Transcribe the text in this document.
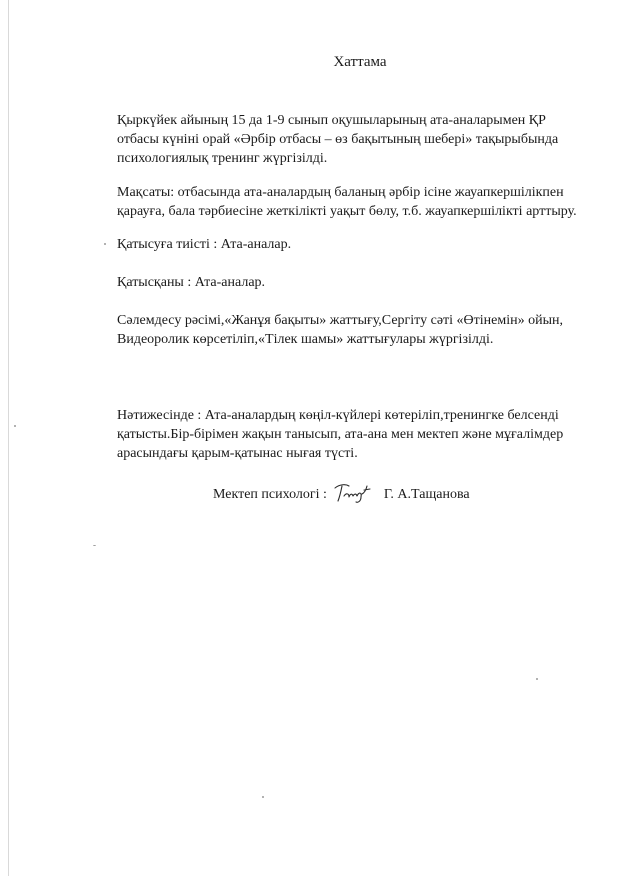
Хаттама
Қыркүйек айының 15 да 1-9 сынып оқушыларының ата-аналарымен ҚР
отбасы күнінi орай «Әрбір отбасы – өз бақытының шебері» тақырыбында
психологиялық тренинг жүргізілді.
Мақсаты: отбасында ата-аналардың баланың әрбір ісіне жауапкершілікпен
қарауға, бала тәрбиесіне жеткілікті уақыт бөлу, т.б. жауапкершілікті арттыру.
Қатысуға тиісті : Ата-аналар.
Қатысқаны : Ата-аналар.
Сәлемдесу рәсімі,«Жанұя бақыты» жаттығу,Сергіту сәті «Өтінемін» ойын,
Видеоролик көрсетіліп,«Тілек шамы» жаттығулары жүргізілді.
Нәтижесінде : Ата-аналардың көңіл-күйлері көтеріліп,тренингке белсенді
қатысты.Бір-бірімен жақын танысып, ата-ана мен мектеп және мұғалімдер
арасындағы қарым-қатынас нығая түсті.
Мектеп психологі :	Г. А.Тащанова
